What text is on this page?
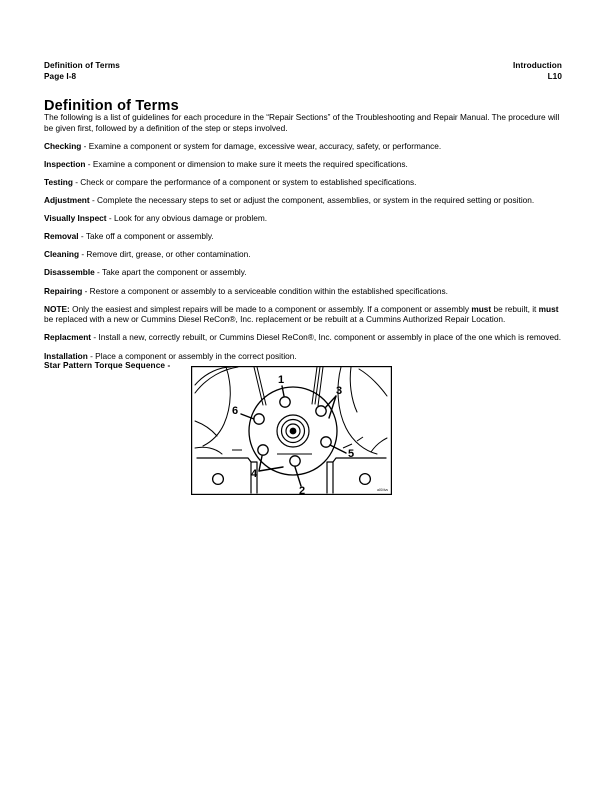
Definition of Terms
Page I-8
Introduction
L10
Definition of Terms

The following is a list of guidelines for each procedure in the “Repair Sections” of the Troubleshooting and Repair Manual. The procedure will be given first, followed by a definition of the step or steps involved.

Checking - Examine a component or system for damage, excessive wear, accuracy, safety, or performance.

Inspection - Examine a component or dimension to make sure it meets the required specifications.

Testing - Check or compare the performance of a component or system to established specifications.

Adjustment - Complete the necessary steps to set or adjust the component, assemblies, or system in the required setting or position.

Visually Inspect - Look for any obvious damage or problem.

Removal - Take off a component or assembly.

Cleaning - Remove dirt, grease, or other contamination.

Disassemble - Take apart the component or assembly.

Repairing - Restore a component or assembly to a serviceable condition within the established specifications.

NOTE: Only the easiest and simplest repairs will be made to a component or assembly. If a component or assembly must be rebuilt, it must be replaced with a new or Cummins Diesel ReCon®, Inc. replacement or be rebuilt at a Cummins Authorized Repair Location.

Replacment - Install a new, correctly rebuilt, or Cummins Diesel ReCon®, Inc. component or assembly in place of the one which is removed.

Installation - Place a component or assembly in the correct position.

Star Pattern Torque Sequence -
1
2
3
4
5
6
a004vs
